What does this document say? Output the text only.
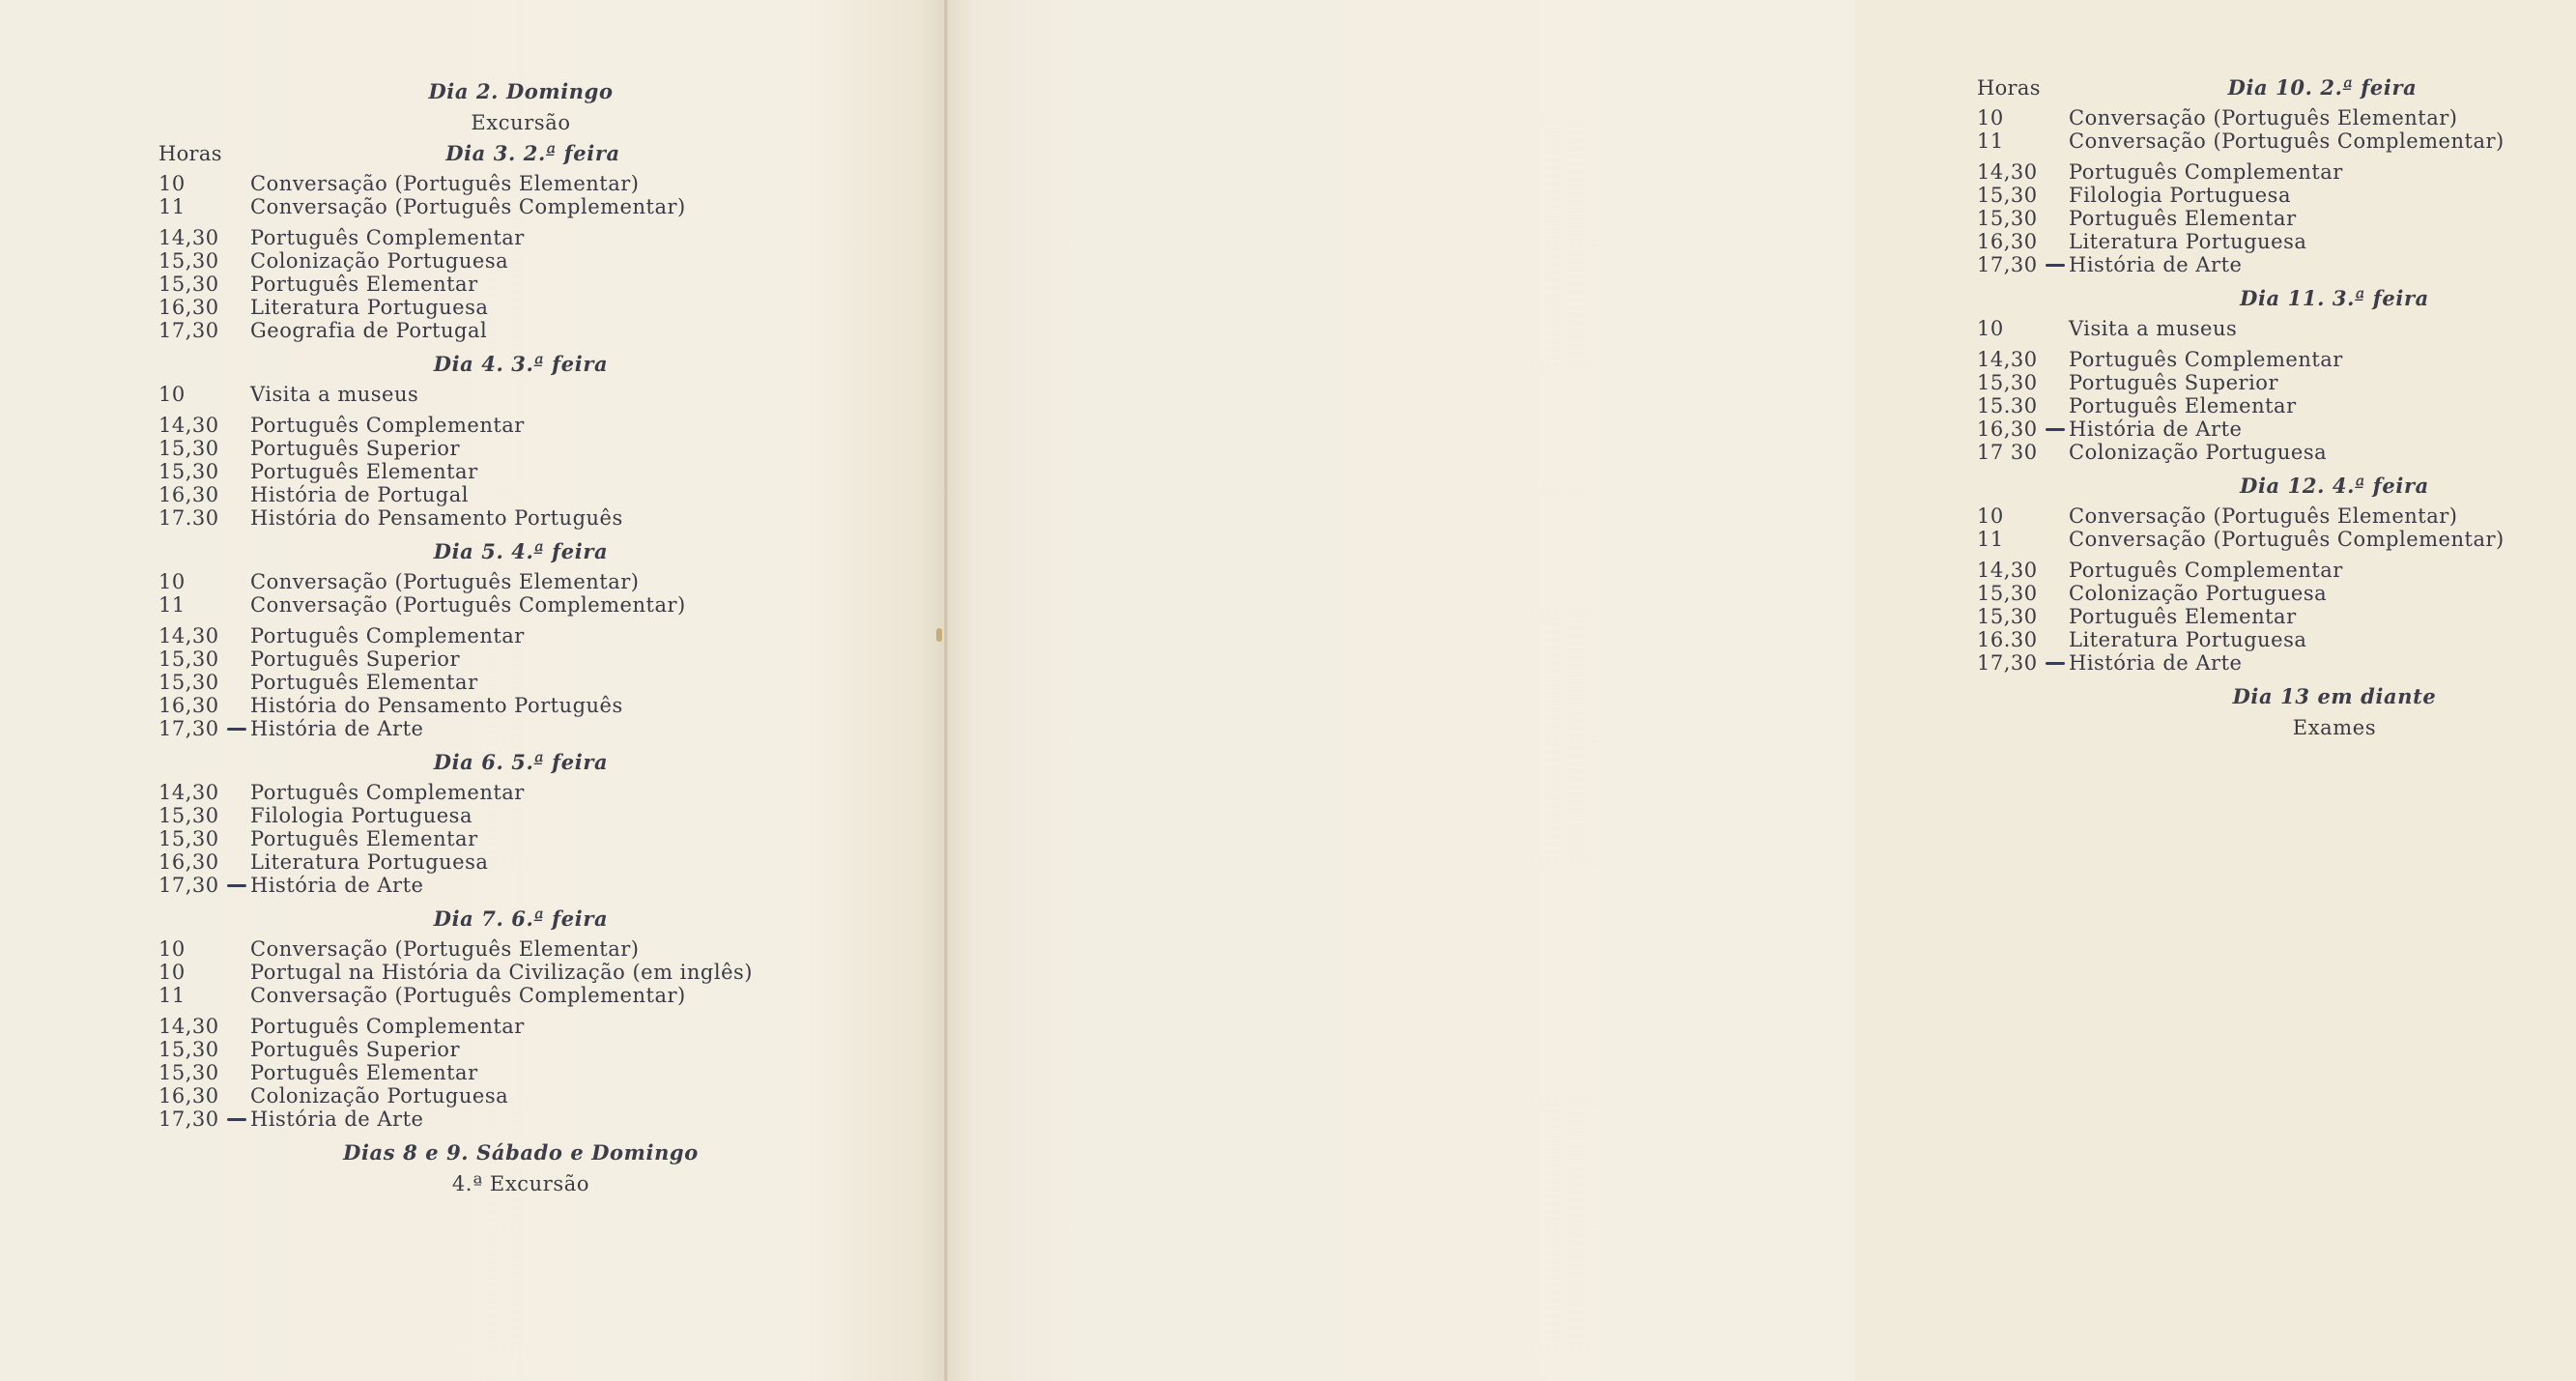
Dia 2. Domingo
Excursão
Horas	Dia 3. 2.ª feira
10	Conversação (Português Elementar)
11	Conversação (Português Complementar)
14,30	Português Complementar
15,30	Colonização Portuguesa
15,30	Português Elementar
16,30	Literatura Portuguesa
17,30	Geografia de Portugal
Dia 4. 3.ª feira
10	Visita a museus
14,30	Português Complementar
15,30	Português Superior
15,30	Português Elementar
16,30	História de Portugal
17.30	História do Pensamento Português
Dia 5. 4.ª feira
10	Conversação (Português Elementar)
11	Conversação (Português Complementar)
14,30	Português Complementar
15,30	Português Superior
15,30	Português Elementar
16,30	História do Pensamento Português
17,30	História de Arte
Dia 6. 5.ª feira
14,30	Português Complementar
15,30	Filologia Portuguesa
15,30	Português Elementar
16,30	Literatura Portuguesa
17,30	História de Arte
Dia 7. 6.ª feira
10	Conversação (Português Elementar)
10	Portugal na História da Civilização (em inglês)
11	Conversação (Português Complementar)
14,30	Português Complementar
15,30	Português Superior
15,30	Português Elementar
16,30	Colonização Portuguesa
17,30	História de Arte
Dias 8 e 9. Sábado e Domingo
4.ª Excursão
Horas	Dia 10. 2.ª feira
10	Conversação (Português Elementar)
11	Conversação (Português Complementar)
14,30	Português Complementar
15,30	Filologia Portuguesa
15,30	Português Elementar
16,30	Literatura Portuguesa
17,30	História de Arte
Dia 11. 3.ª feira
10	Visita a museus
14,30	Português Complementar
15,30	Português Superior
15.30	Português Elementar
16,30	História de Arte
17 30	Colonização Portuguesa
Dia 12. 4.ª feira
10	Conversação (Português Elementar)
11	Conversação (Português Complementar)
14,30	Português Complementar
15,30	Colonização Portuguesa
15,30	Português Elementar
16.30	Literatura Portuguesa
17,30	História de Arte
Dia 13 em diante
Exames
